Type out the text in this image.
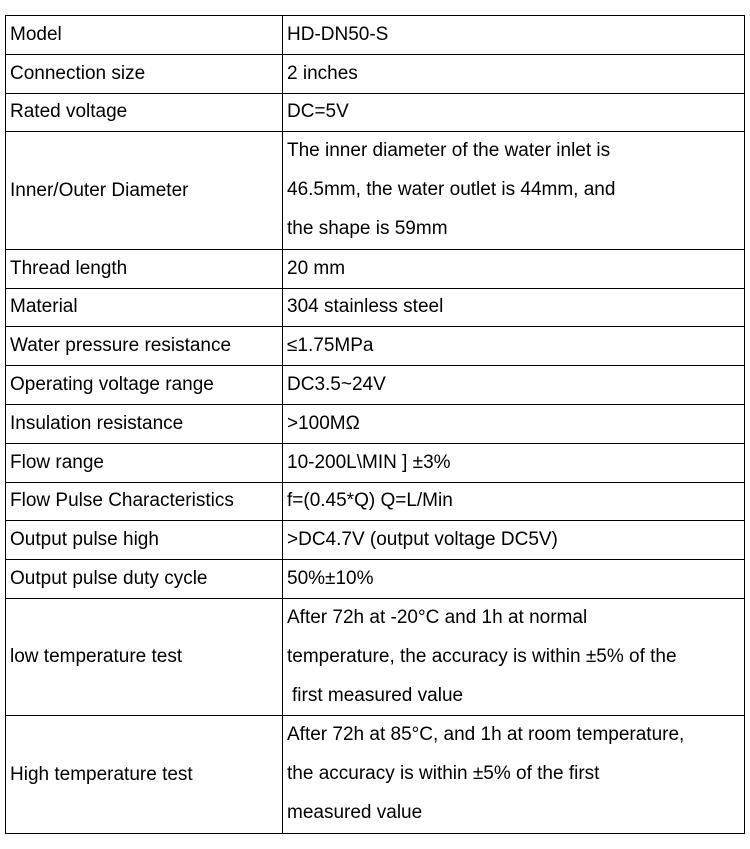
Model	HD-DN50-S
Connection size	2 inches
Rated voltage	DC=5V
Inner/Outer Diameter	The inner diameter of the water inlet is
46.5mm, the water outlet is 44mm, and
the shape is 59mm

Thread length	20 mm
Material	304 stainless steel
Water pressure resistance	≤1.75MPa
Operating voltage range	DC3.5~24V
Insulation resistance	>100MΩ
Flow range	10-200L\MIN ] ±3%
Flow Pulse Characteristics	f=(0.45*Q) Q=L/Min
Output pulse high	>DC4.7V (output voltage DC5V)
Output pulse duty cycle	50%±10%
low temperature test	After 72h at -20°C and 1h at normal
temperature, the accuracy is within ±5% of the
first measured value

High temperature test	After 72h at 85°C, and 1h at room temperature,
the accuracy is within ±5% of the first
measured value
